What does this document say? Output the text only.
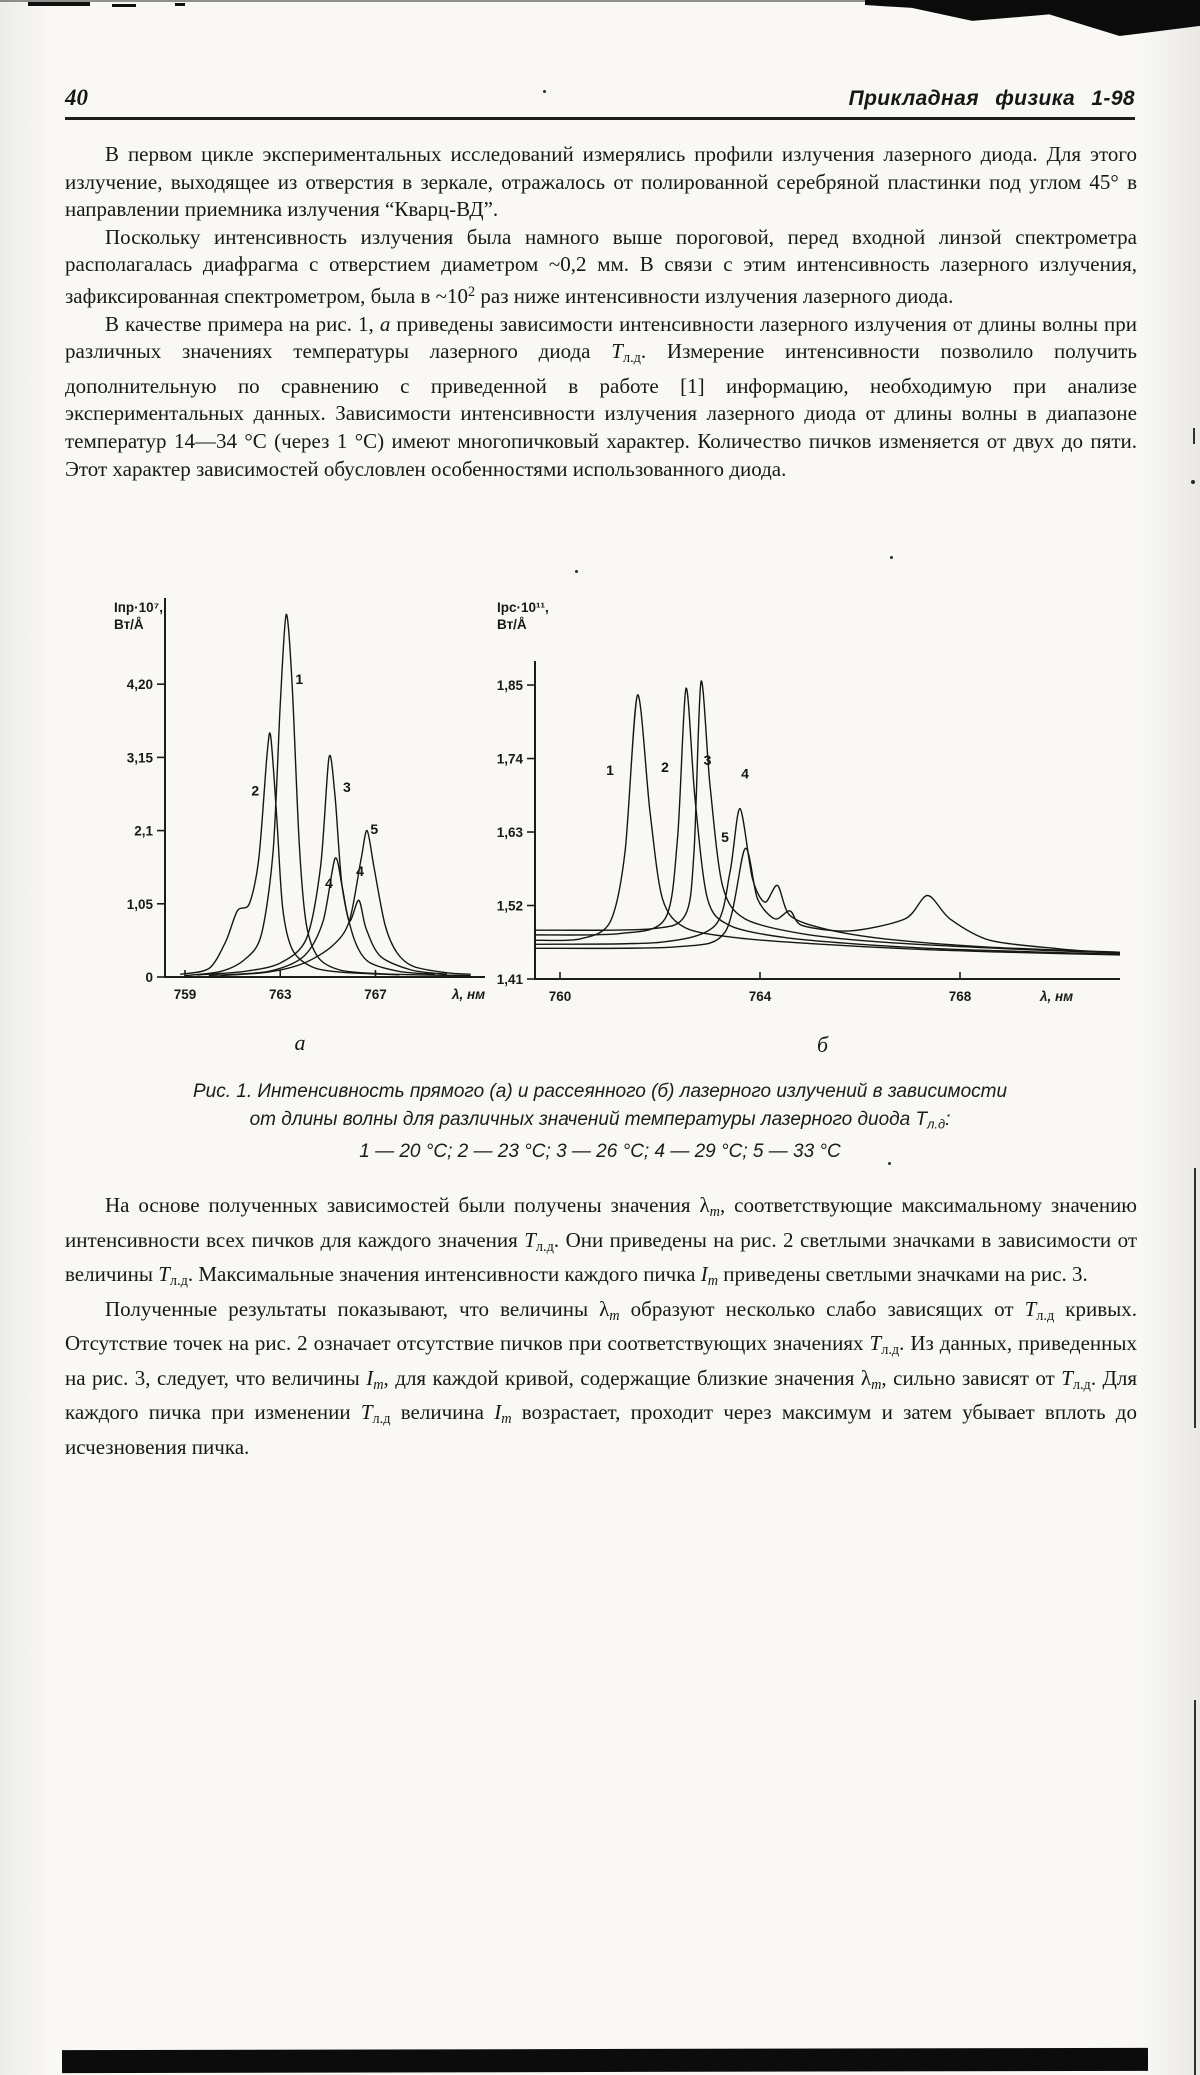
40	Прикладная физика 1-98

В первом цикле экспериментальных исследований измерялись профили излучения лазерного диода. Для этого излучение, выходящее из отверстия в зеркале, отражалось от полированной серебряной пластинки под углом 45° в направлении приемника излучения “Кварц-ВД”.

Поскольку интенсивность излучения была намного выше пороговой, перед входной линзой спектрометра располагалась диафрагма с отверстием диаметром ~0,2 мм. В связи с этим интенсивность лазерного излучения, зафиксированная спектрометром, была в $\sim 10^2$ раз ниже интенсивности излучения лазерного диода.

В качестве примера на рис. 1, а приведены зависимости интенсивности лазерного излучения от длины волны при различных значениях температуры лазерного диода $Т_{л.д}$. Измерение интенсивности позволило получить дополнительную по сравнению с приведенной в работе [1] информацию, необходимую при анализе экспериментальных данных. Зависимости интенсивности излучения лазерного диода от длины волны в диапазоне температур 14—34 °С (через 1 °С) имеют многопичковый характер. Количество пичков изменяется от двух до пяти. Этот характер зависимостей обусловлен особенностями использованного диода.

0
1,05
2,1
3,15
4,20
759	763	767	λ, нм
Iпр·10⁷,
Вт/Å
1
2	3
4
4
5
1,41
1,52
1,63
1,74
1,85
760	764	768	λ, нм
Iрс·10¹¹,
Вт/Å
1	2 3
4
5
а	б
Рис. 1. Интенсивность прямого (а) и рассеянного (б) лазерного излучений в зависимости
от длины волны для различных значений температуры лазерного диода $Т_{л.д}$:
1 — 20 °С; 2 — 23 °С; 3 — 26 °С; 4 — 29 °С; 5 — 33 °С

На основе полученных зависимостей были получены значения $\lambda_m$, соответствующие максимальному значению интенсивности всех пичков для каждого значения $Т_{л.д}$. Они приведены на рис. 2 светлыми значками в зависимости от величины $Т_{л.д}$. Максимальные значения интенсивности каждого пичка $I_m$ приведены светлыми значками на рис. 3.

Полученные результаты показывают, что величины $\lambda_m$ образуют несколько слабо зависящих от $Т_{л.д}$ кривых. Отсутствие точек на рис. 2 означает отсутствие пичков при соответствующих значениях $Т_{л.д}$. Из данных, приведенных на рис. 3, следует, что величины $I_m$, для каждой кривой, содержащие близкие значения $\lambda_m$, сильно зависят от $Т_{л.д}$. Для каждого пичка при изменении $Т_{л.д}$ величина $I_m$ возрастает, проходит через максимум и затем убывает вплоть до исчезновения пичка.
